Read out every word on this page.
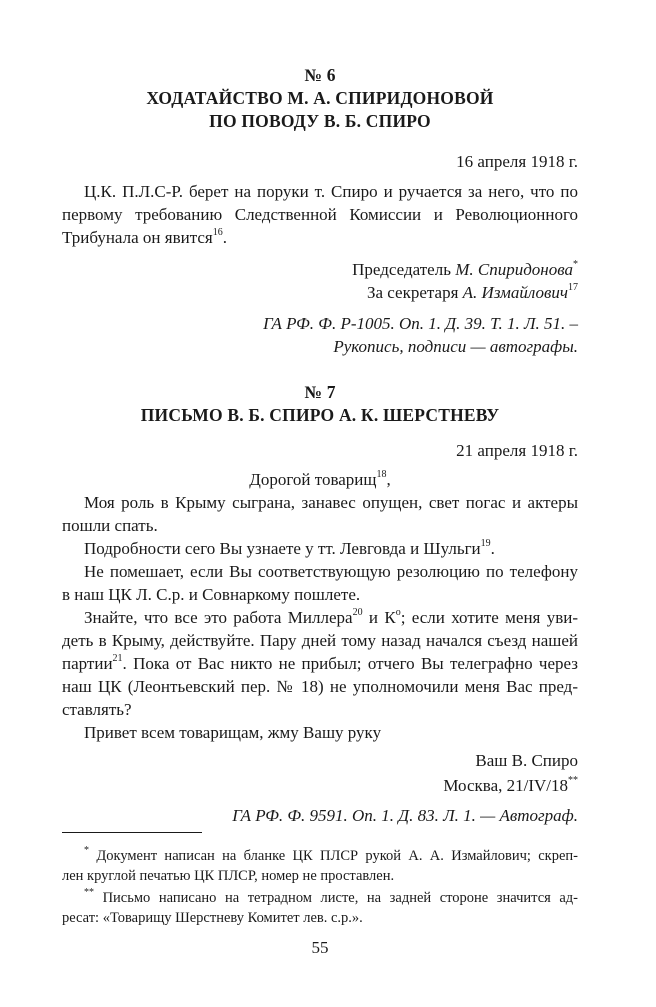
№ 6
ХОДАТАЙСТВО М. А. СПИРИДОНОВОЙ
ПО ПОВОДУ В. Б. СПИРО
16 апреля 1918 г.
Ц.К. П.Л.С-Р. берет на поруки т. Спиро и ручается за него, что по
первому требованию Следственной Комиссии и Революционного
Трибунала он явится$^{16}$.
Председатель М. Спиридонова*
За секретаря А. Измайлович$^{17}$
ГА РФ. Ф. Р-1005. Оп. 1. Д. 39. Т. 1. Л. 51. –
Рукопись, подписи — автографы.
№ 7
ПИСЬМО В. Б. СПИРО А. К. ШЕРСТНЕВУ
21 апреля 1918 г.
Дорогой товарищ$^{18}$,
Моя роль в Крыму сыграна, занавес опущен, свет погас и актеры
пошли спать.
Подробности сего Вы узнаете у тт. Левговда и Шульги$^{19}$.
Не помешает, если Вы соответствующую резолюцию по телефону
в наш ЦК Л. С.р. и Совнаркому пошлете.
Знайте, что все это работа Миллера$^{20}$ и $К^о$; если хотите меня уви-
деть в Крыму, действуйте. Пару дней тому назад начался съезд нашей
партии$^{21}$. Пока от Вас никто не прибыл; отчего Вы телеграфно через
наш ЦК (Леонтьевский пер. № 18) не уполномочили меня Вас пред-
ставлять?
Привет всем товарищам, жму Вашу руку
Ваш В. Спиро
Москва, 21/IV/18**
ГА РФ. Ф. 9591. Оп. 1. Д. 83. Л. 1. — Автограф.
* Документ написан на бланке ЦК ПЛСР рукой А. А. Измайлович; скреп-
лен круглой печатью ЦК ПЛСР, номер не проставлен.
** Письмо написано на тетрадном листе, на задней стороне значится ад-
ресат: «Товарищу Шерстневу Комитет лев. с.р.».
55
